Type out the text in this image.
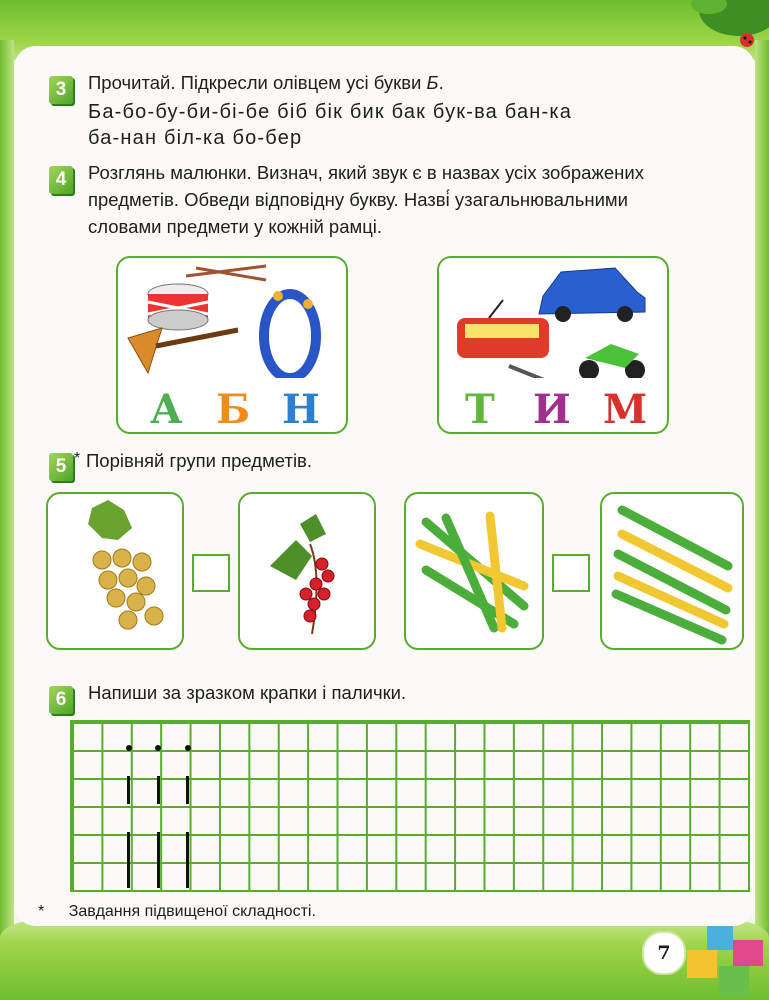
3	Прочитай. Підкресли олівцем усі букви Б.
Ба-бо-бу-би-бі-бе біб бік бик бак бук-ва бан-ка
ба-нан біл-ка бо-бер
4	Розглянь малюнки. Визнач, який звук є в назвах усіх зображених
предметів. Обведи відповідну букву. Назві́ узагальнювальними
словами предмети у кожній рамці.
А Б Н	Т И М
5 * Порівняй групи предметів.
6	Напиши за зразком крапки і палички.
* Завдання підвищеної складності.
7
